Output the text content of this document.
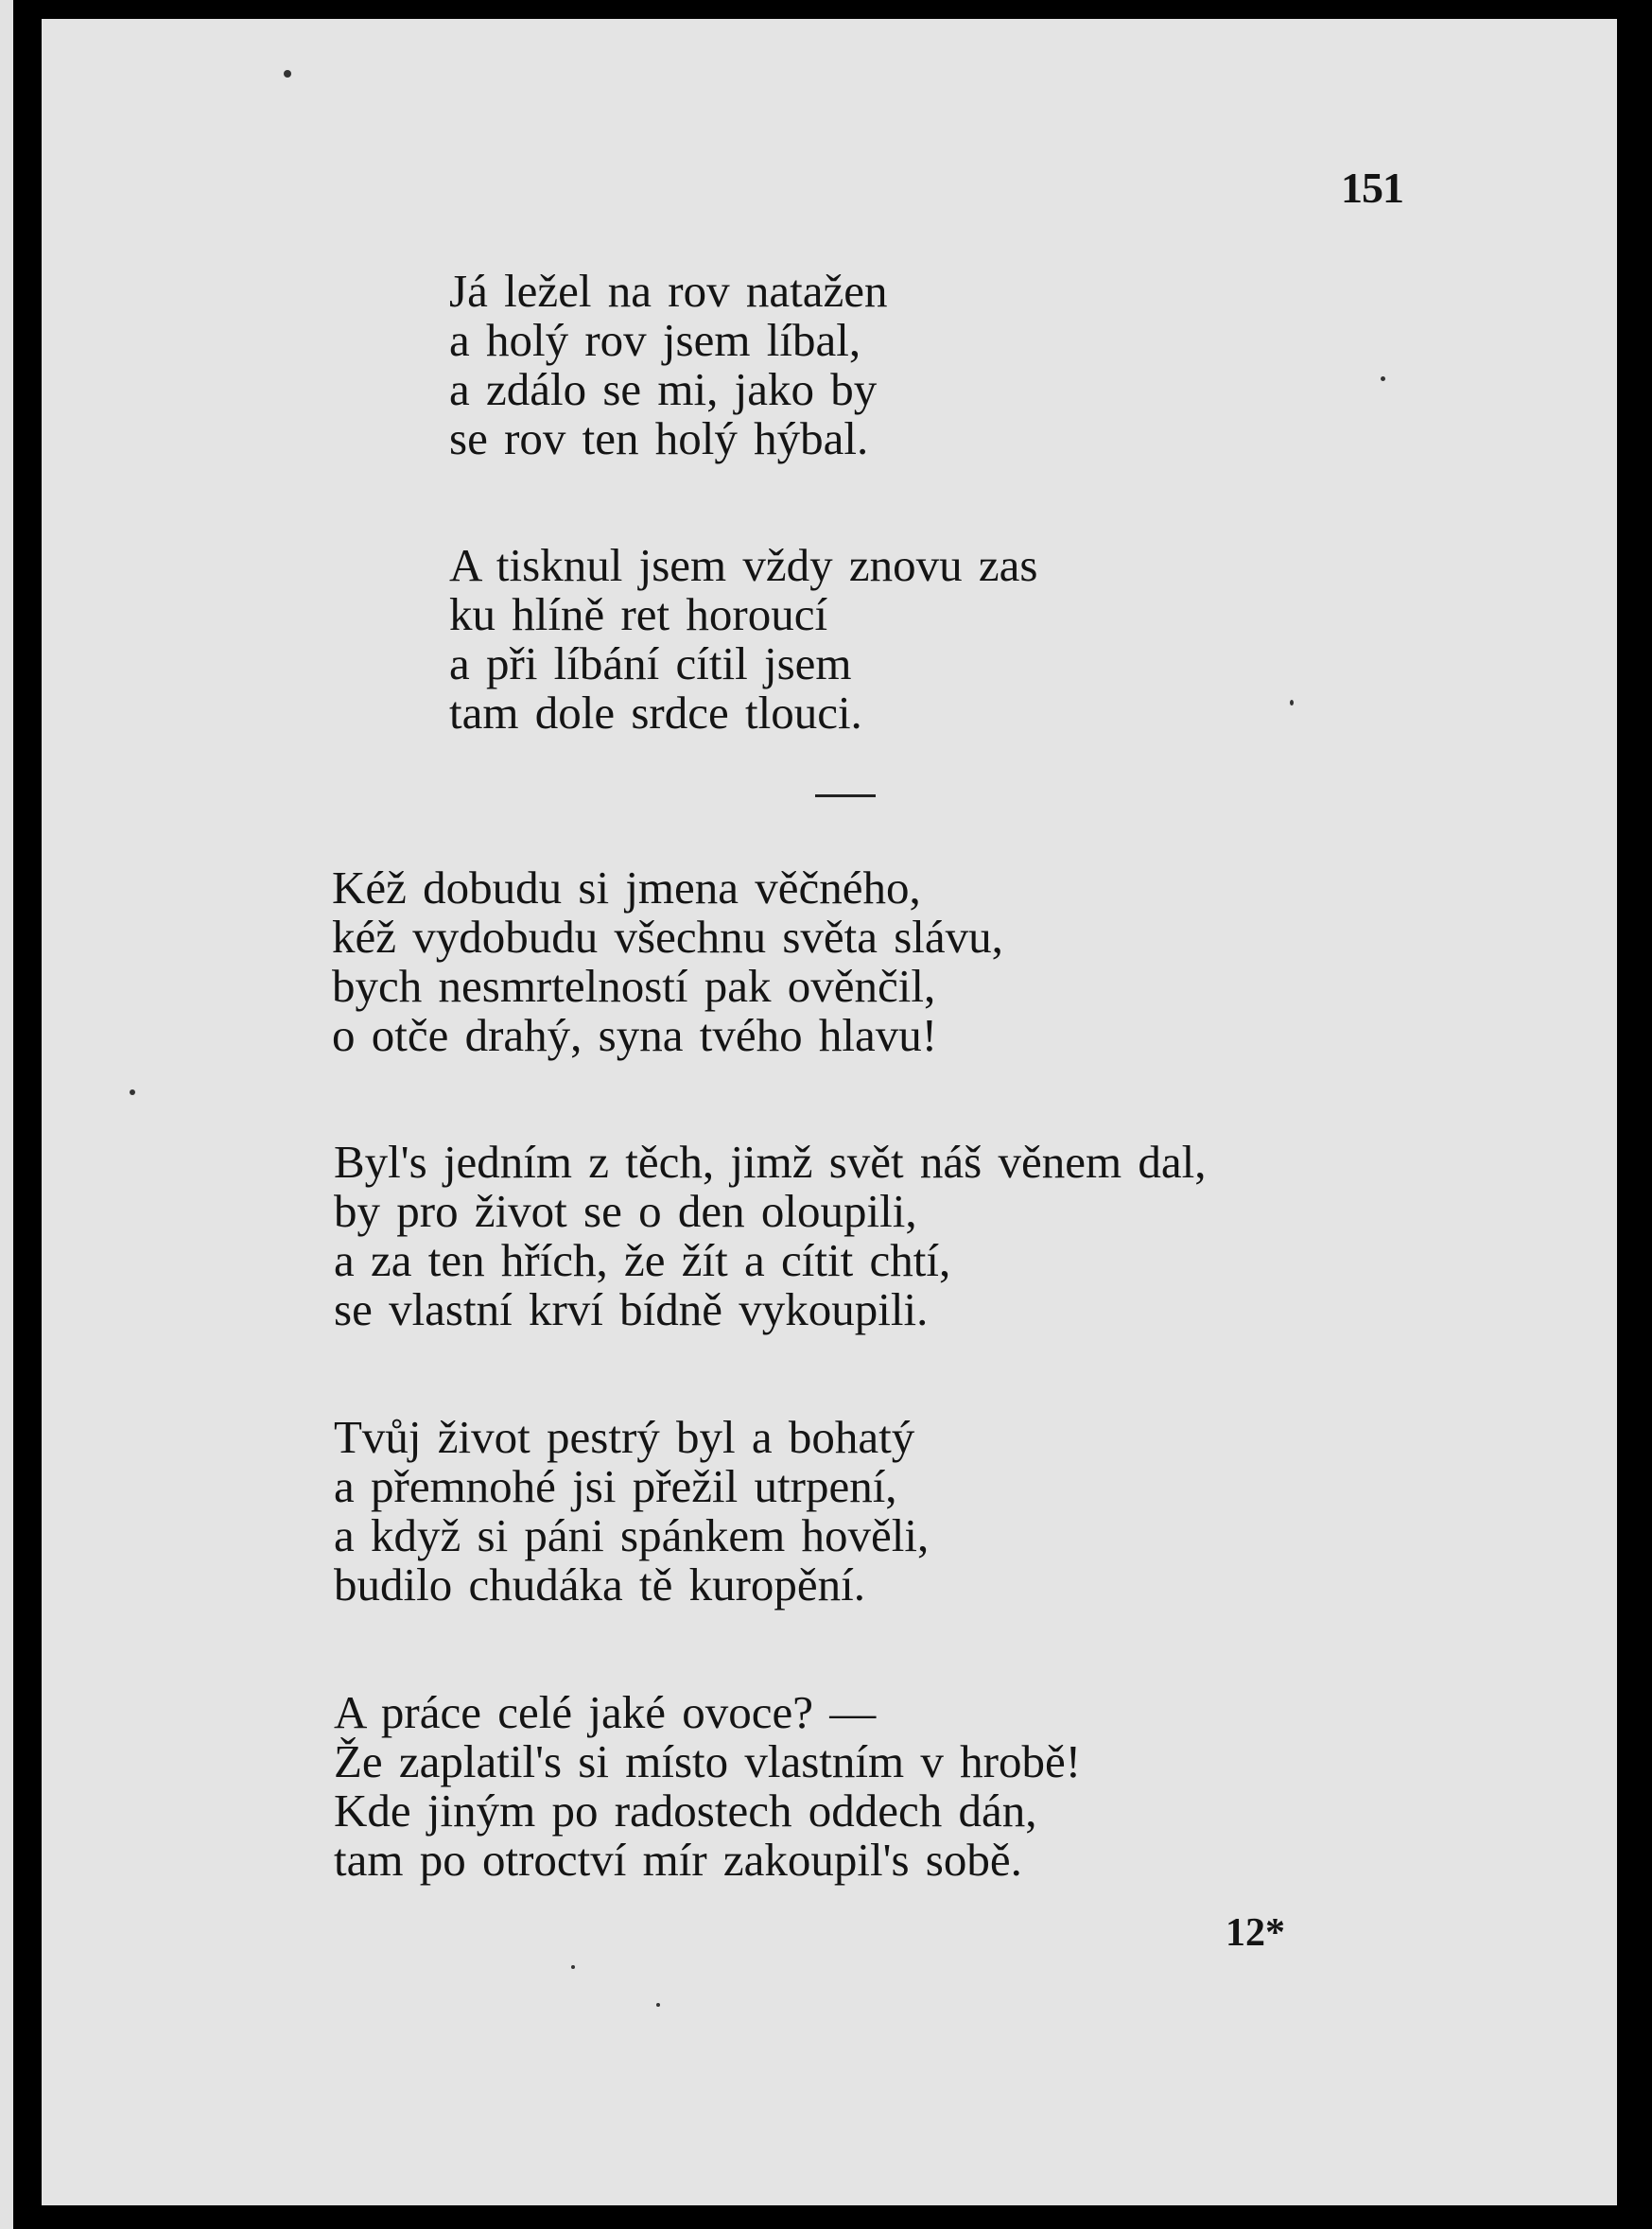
151

Já ležel na rov natažen
a holý rov jsem líbal,
a zdálo se mi, jako by
se rov ten holý hýbal.
A tisknul jsem vždy znovu zas
ku hlíně ret horoucí
a při líbání cítil jsem
tam dole srdce tlouci.
Kéž dobudu si jmena věčného,
kéž vydobudu všechnu světa slávu,
bych nesmrtelností pak ověnčil,
o otče drahý, syna tvého hlavu!
Byl's jedním z těch, jimž svět náš věnem dal,
by pro život se o den oloupili,
a za ten hřích, že žít a cítit chtí,
se vlastní krví bídně vykoupili.
Tvůj život pestrý byl a bohatý
a přemnohé jsi přežil utrpení,
a když si páni spánkem hověli,
budilo chudáka tě kuropění.
A práce celé jaké ovoce? —
Že zaplatil's si místo vlastním v hrobě!
Kde jiným po radostech oddech dán,
tam po otroctví mír zakoupil's sobě.

12*
